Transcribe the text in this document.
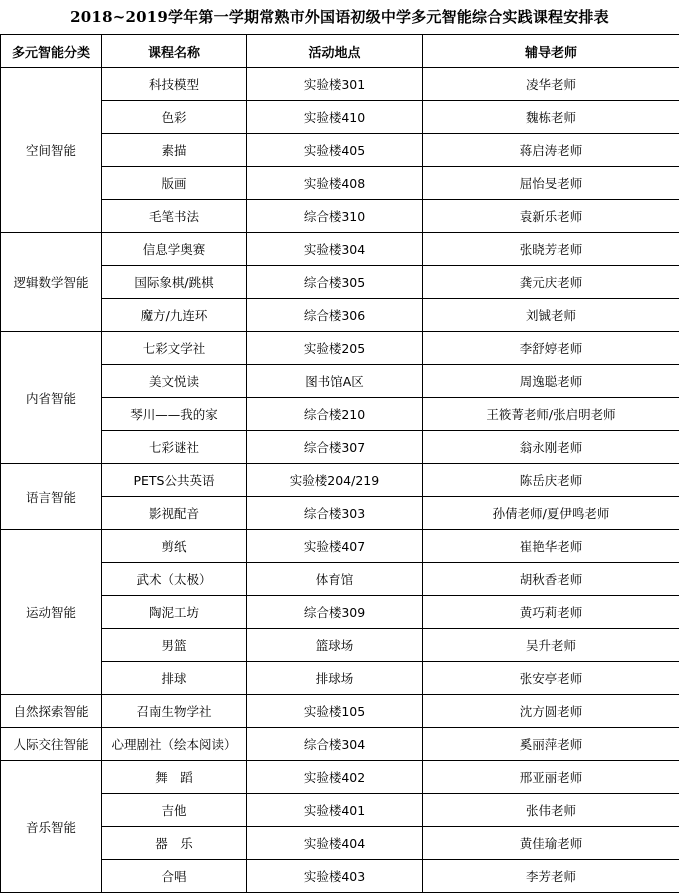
2018~2019学年第一学期常熟市外国语初级中学多元智能综合实践课程安排表
多元智能分类	课程名称	活动地点	辅导老师
空间智能	科技模型	实验楼301	凌华老师
	色彩	实验楼410	魏栋老师
	素描	实验楼405	蒋启涛老师
	版画	实验楼408	屈怡旻老师
	毛笔书法	综合楼310	袁新乐老师
逻辑数学智能	信息学奥赛	实验楼304	张晓芳老师
	国际象棋/跳棋	综合楼305	龚元庆老师
	魔方/九连环	综合楼306	刘铖老师
内省智能	七彩文学社	实验楼205	李舒婷老师
	美文悦读	图书馆A区	周逸聪老师
	琴川——我的家	综合楼210	王筱菁老师/张启明老师
	七彩谜社	综合楼307	翁永刚老师
语言智能	PETS公共英语	实验楼204/219	陈岳庆老师
	影视配音	综合楼303	孙倩老师/夏伊鸣老师
运动智能	剪纸	实验楼407	崔艳华老师
	武术（太极）	体育馆	胡秋香老师
	陶泥工坊	综合楼309	黄巧莉老师
	男篮	篮球场	吴升老师
	排球	排球场	张安亭老师
自然探索智能	召南生物学社	实验楼105	沈方圆老师
人际交往智能	心理剧社（绘本阅读）	综合楼304	奚丽萍老师
音乐智能	舞　蹈	实验楼402	邢亚丽老师
	吉他	实验楼401	张伟老师
	器　乐	实验楼404	黄佳瑜老师
	合唱	实验楼403	李芳老师
